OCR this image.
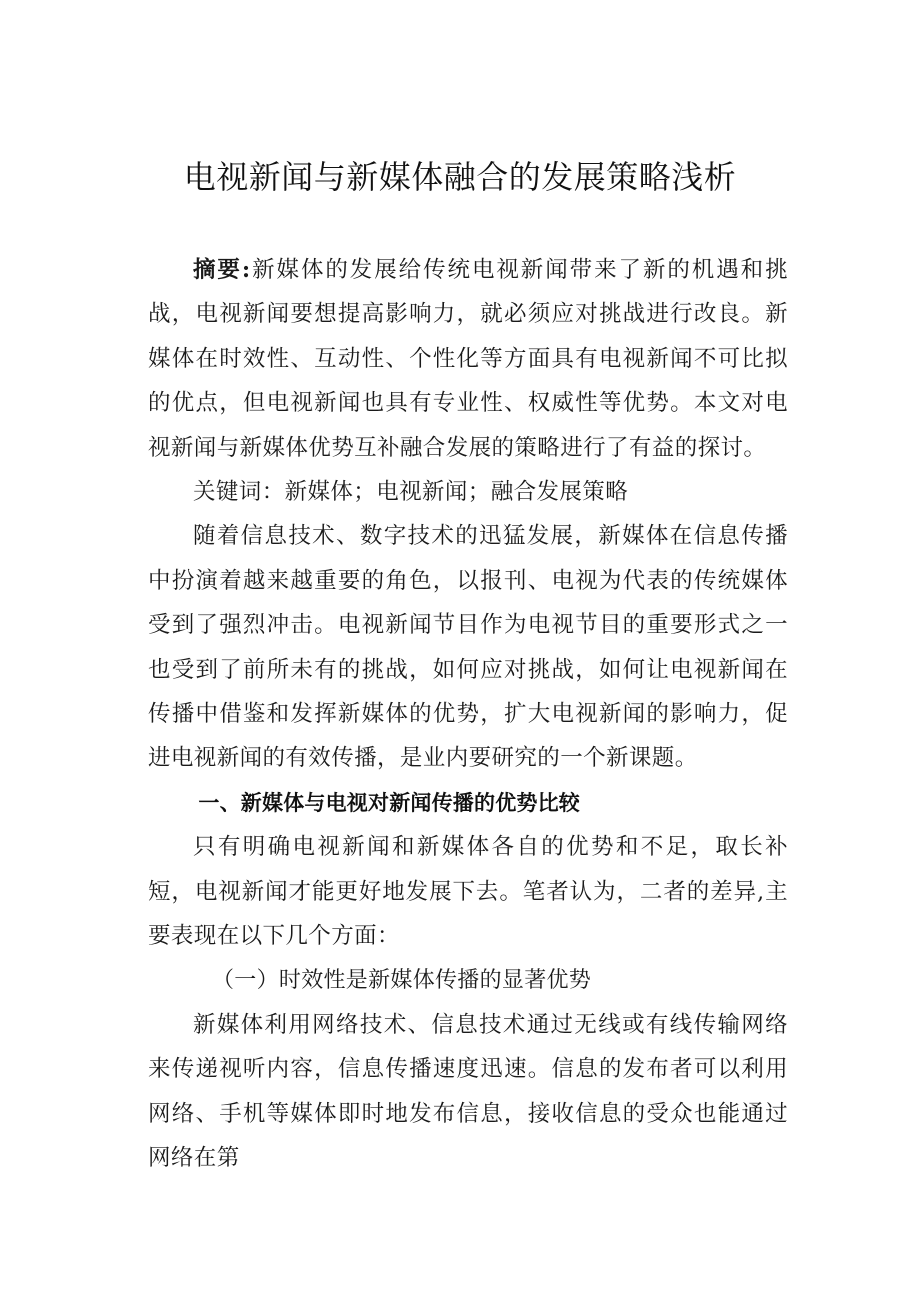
电视新闻与新媒体融合的发展策略浅析

摘要:新媒体的发展给传统电视新闻带来了新的机遇和挑战，电视新闻要想提高影响力，就必须应对挑战进行改良。新媒体在时效性、互动性、个性化等方面具有电视新闻不可比拟的优点，但电视新闻也具有专业性、权威性等优势。本文对电视新闻与新媒体优势互补融合发展的策略进行了有益的探讨。

关键词：新媒体；电视新闻；融合发展策略

随着信息技术、数字技术的迅猛发展，新媒体在信息传播中扮演着越来越重要的角色，以报刊、电视为代表的传统媒体受到了强烈冲击。电视新闻节目作为电视节目的重要形式之一也受到了前所未有的挑战，如何应对挑战，如何让电视新闻在传播中借鉴和发挥新媒体的优势，扩大电视新闻的影响力，促进电视新闻的有效传播，是业内要研究的一个新课题。

一、新媒体与电视对新闻传播的优势比较

只有明确电视新闻和新媒体各自的优势和不足，取长补短，电视新闻才能更好地发展下去。笔者认为，二者的差异,主要表现在以下几个方面：

（一）时效性是新媒体传播的显著优势

新媒体利用网络技术、信息技术通过无线或有线传输网络来传递视听内容，信息传播速度迅速。信息的发布者可以利用网络、手机等媒体即时地发布信息，接收信息的受众也能通过网络在第
